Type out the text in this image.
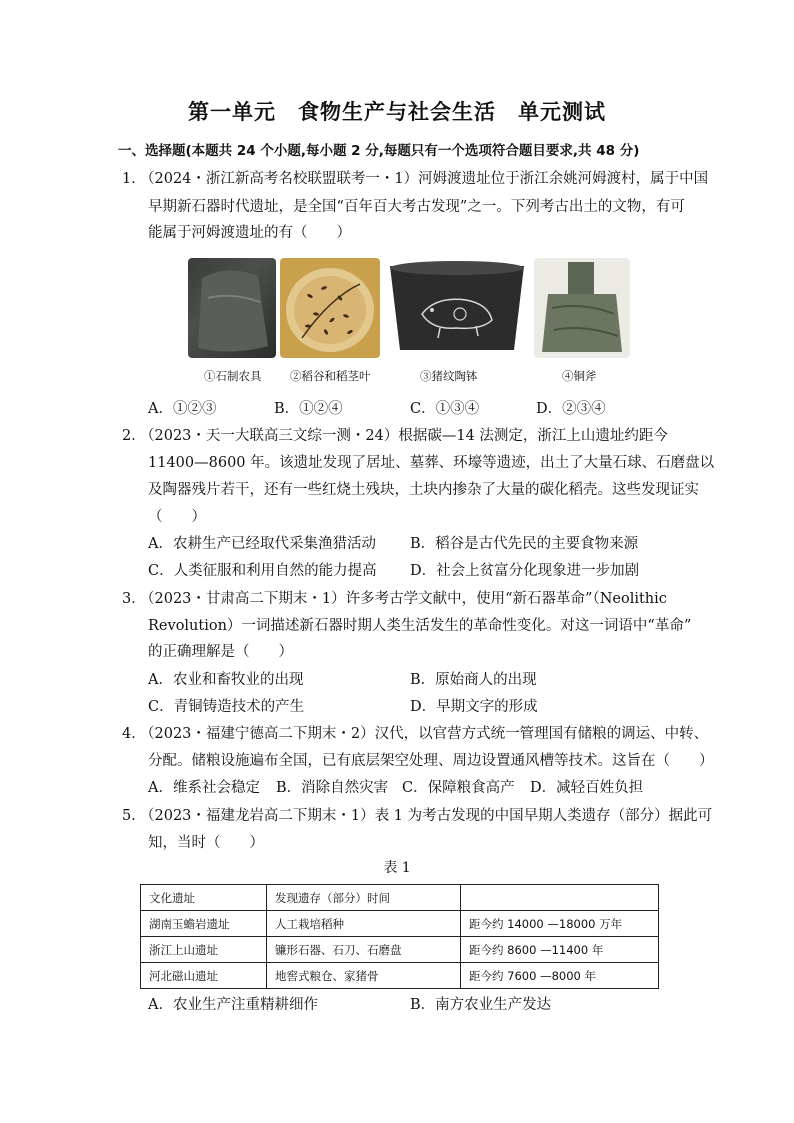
第一单元 食物生产与社会生活 单元测试
一、选择题(本题共 24 个小题,每小题 2 分,每题只有一个选项符合题目要求,共 48 分)
1．
（2024・浙江新高考名校联盟联考一・1）河姆渡遗址位于浙江余姚河姆渡村，属于中国
早期新石器时代遗址，是全国“百年百大考古发现”之一。下列考古出土的文物，有可
能属于河姆渡遗址的有（　　）
①石制农具 ②稻谷和稻茎叶	③猪纹陶钵	④铜斧
A．①②③	B．①②④	C．①③④	D．②③④
2．
（2023・天一大联高三文综一测・24）根据碳—14 法测定，浙江上山遗址约距今
11400—8600 年。该遗址发现了居址、墓葬、环壕等遗迹，出土了大量石球、石磨盘以
及陶器残片若干，还有一些红烧土残块，土块内掺杂了大量的碳化稻壳。这些发现证实
（　　）
A．农耕生产已经取代采集渔猎活动 B．稻谷是古代先民的主要食物来源
C．人类征服和利用自然的能力提高 D．社会上贫富分化现象进一步加剧
3．
（2023・甘肃高二下期末・1）许多考古学文献中，使用“新石器革命”（Neolithic
Revolution）一词描述新石器时期人类生活发生的革命性变化。对这一词语中“革命”
的正确理解是（　　）
A．农业和畜牧业的出现	B．原始商人的出现
C．青铜铸造技术的产生	D．早期文字的形成
4．
（2023・福建宁德高二下期末・2）汉代，以官营方式统一管理国有储粮的调运、中转、
分配。储粮设施遍布全国，已有底层架空处理、周边设置通风槽等技术。这旨在（　　）
A．维系社会稳定 B．消除自然灾害 C．保障粮食高产 D．减轻百姓负担
5．
（2023・福建龙岩高二下期末・1）表 1 为考古发现的中国早期人类遗存（部分）据此可
知，当时（　　）
表 1
文化遗址	发现遗存（部分）时间	
湖南玉蟾岩遗址	人工栽培稻种	距今约 14000 —18000 万年
浙江上山遗址	镰形石器、石刀、石磨盘	距今约 8600 —11400 年
河北磁山遗址	地窖式粮仓、家猪骨	距今约 7600 —8000 年
A．农业生产注重精耕细作	B．南方农业生产发达
